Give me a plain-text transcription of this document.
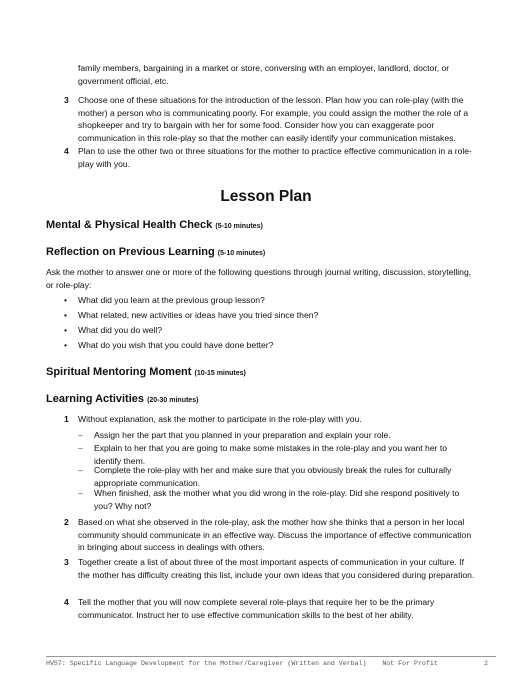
family members, bargaining in a market or store, conversing with an employer, landlord, doctor, or government official, etc.
3 Choose one of these situations for the introduction of the lesson. Plan how you can role-play (with the mother) a person who is communicating poorly. For example, you could assign the mother the role of a shopkeeper and try to bargain with her for some food. Consider how you can exaggerate poor communication in this role-play so that the mother can easily identify your communication mistakes.
4 Plan to use the other two or three situations for the mother to practice effective communication in a role-play with you.
Lesson Plan
Mental & Physical Health Check (5-10 minutes)
Reflection on Previous Learning (5-10 minutes)
Ask the mother to answer one or more of the following questions through journal writing, discussion, storytelling, or role-play:
• What did you learn at the previous group lesson?
• What related, new activities or ideas have you tried since then?
• What did you do well?
• What do you wish that you could have done better?
Spiritual Mentoring Moment (10-15 minutes)
Learning Activities (20-30 minutes)
1 Without explanation, ask the mother to participate in the role-play with you.
– Assign her the part that you planned in your preparation and explain your role.
– Explain to her that you are going to make some mistakes in the role-play and you want her to identify them.
– Complete the role-play with her and make sure that you obviously break the rules for culturally appropriate communication.
– When finished, ask the mother what you did wrong in the role-play. Did she respond positively to you? Why not?
2 Based on what she observed in the role-play, ask the mother how she thinks that a person in her local community should communicate in an effective way. Discuss the importance of effective communication in bringing about success in dealings with others.
3 Together create a list of about three of the most important aspects of communication in your culture. If the mother has difficulty creating this list, include your own ideas that you considered during preparation.
4 Tell the mother that you will now complete several role-plays that require her to be the primary communicator. Instruct her to use effective communication skills to the best of her ability.
HV57: Specific Language Development for the Mother/Caregiver (Written and Verbal)    Not For Profit	2
